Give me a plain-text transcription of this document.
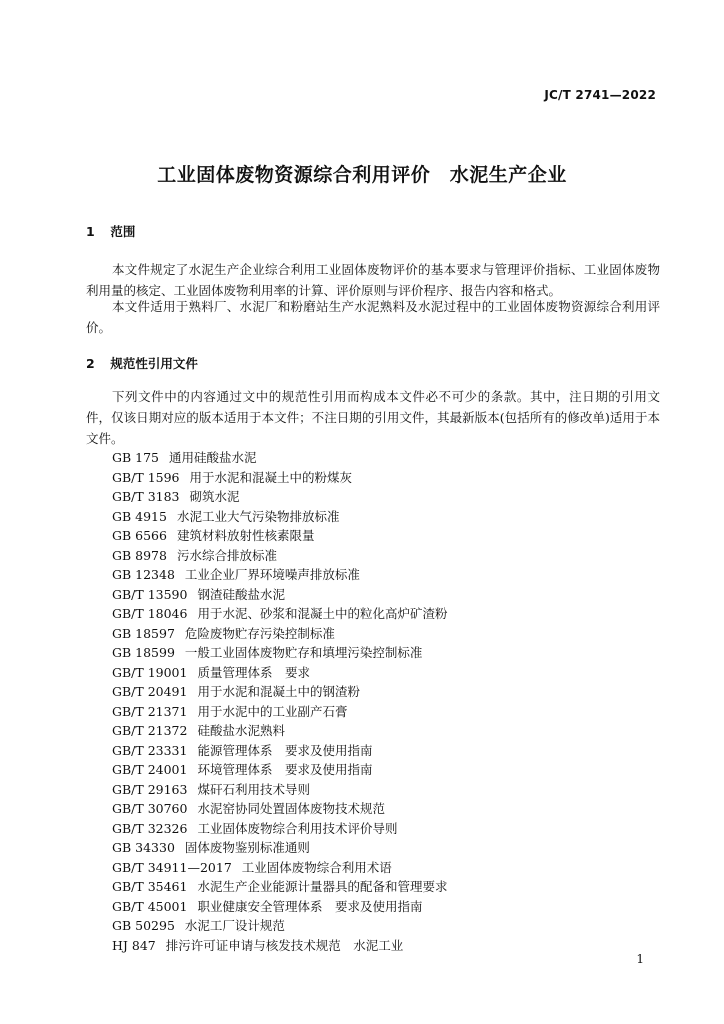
JC/T 2741—2022
工业固体废物资源综合利用评价　水泥生产企业
1 范围

本文件规定了水泥生产企业综合利用工业固体废物评价的基本要求与管理评价指标、工业固体废物利用量的核定、工业固体废物利用率的计算、评价原则与评价程序、报告内容和格式。

本文件适用于熟料厂、水泥厂和粉磨站生产水泥熟料及水泥过程中的工业固体废物资源综合利用评价。

2 规范性引用文件

下列文件中的内容通过文中的规范性引用而构成本文件必不可少的条款。其中，注日期的引用文件，仅该日期对应的版本适用于本文件；不注日期的引用文件，其最新版本(包括所有的修改单)适用于本文件。

GB 175 通用硅酸盐水泥
GB/T 1596 用于水泥和混凝土中的粉煤灰
GB/T 3183 砌筑水泥
GB 4915 水泥工业大气污染物排放标准
GB 6566 建筑材料放射性核素限量
GB 8978 污水综合排放标准
GB 12348 工业企业厂界环境噪声排放标准
GB/T 13590 钢渣硅酸盐水泥
GB/T 18046 用于水泥、砂浆和混凝土中的粒化高炉矿渣粉
GB 18597 危险废物贮存污染控制标准
GB 18599 一般工业固体废物贮存和填埋污染控制标准
GB/T 19001 质量管理体系　要求
GB/T 20491 用于水泥和混凝土中的钢渣粉
GB/T 21371 用于水泥中的工业副产石膏
GB/T 21372 硅酸盐水泥熟料
GB/T 23331 能源管理体系　要求及使用指南
GB/T 24001 环境管理体系　要求及使用指南
GB/T 29163 煤矸石利用技术导则
GB/T 30760 水泥窑协同处置固体废物技术规范
GB/T 32326 工业固体废物综合利用技术评价导则
GB 34330 固体废物鉴别标准通则
GB/T 34911—2017 工业固体废物综合利用术语
GB/T 35461 水泥生产企业能源计量器具的配备和管理要求
GB/T 45001 职业健康安全管理体系　要求及使用指南
GB 50295 水泥工厂设计规范
HJ 847 排污许可证申请与核发技术规范　水泥工业
1
